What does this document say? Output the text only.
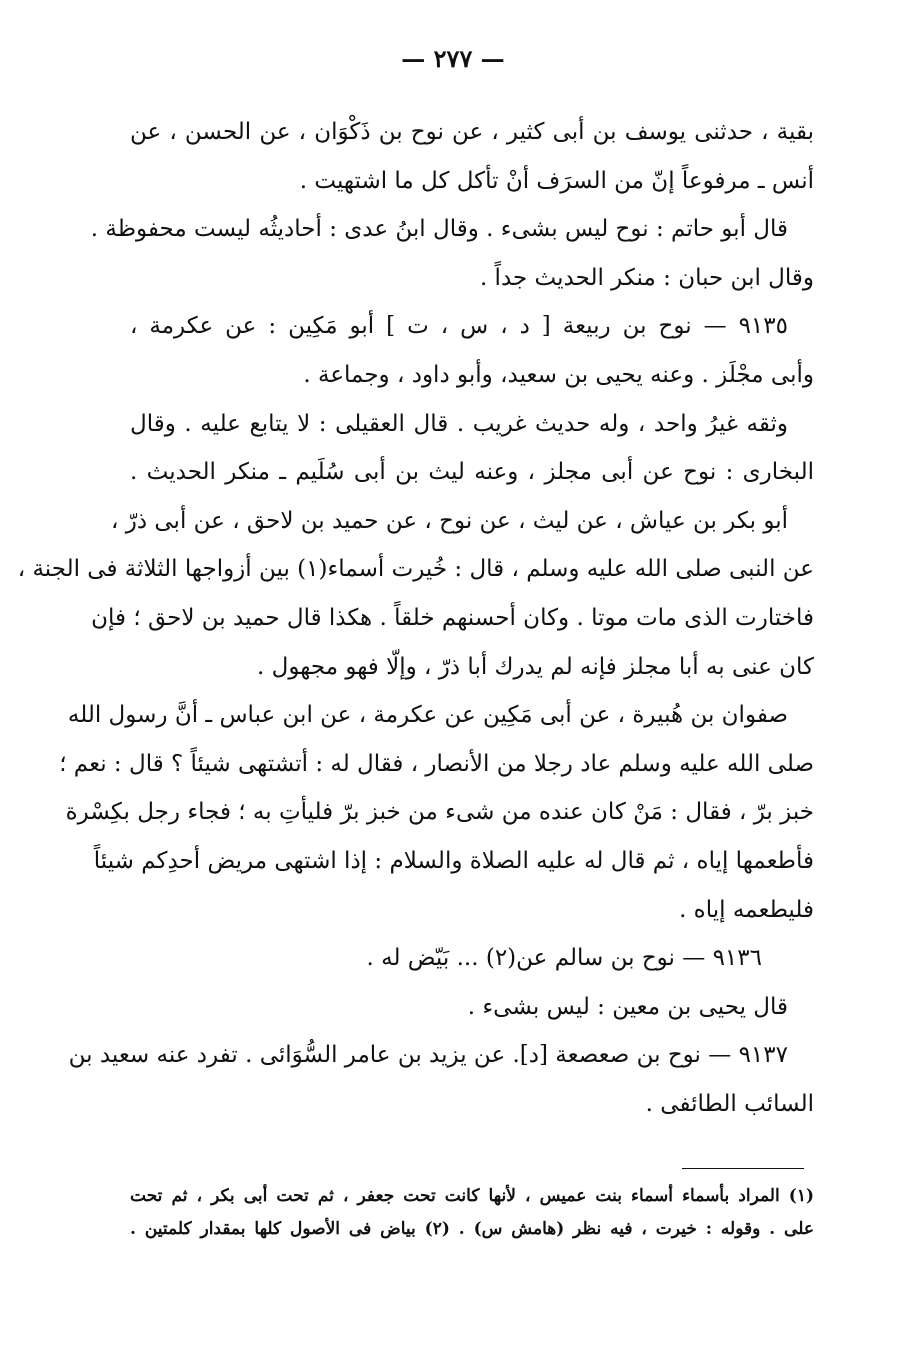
— ٢٧٧ —
بقية ، حدثنى يوسف بن أبى كثير ، عن نوح بن ذَكْوَان ، عن الحسن ، عن
أنس ـ مرفوعاً إنّ من السرَف أنْ تأكل كل ما اشتهيت .
قال أبو حاتم : نوح ليس بشىء . وقال ابنُ عدى : أحاديثُه ليست محفوظة .
وقال ابن حبان : منكر الحديث جداً .
٩١٣٥ — نوح بن ربيعة [ د ، س ، ت ] أبو مَكِين : عن عكرمة ،
وأبى مجْلَز . وعنه يحيى بن سعيد، وأبو داود ، وجماعة .
وثقه غيرُ واحد ، وله حديث غريب . قال العقيلى : لا يتابع عليه . وقال
البخارى : نوح عن أبى مجلز ، وعنه ليث بن أبى سُلَيم ـ منكر الحديث .
أبو بكر بن عياش ، عن ليث ، عن نوح ، عن حميد بن لاحق ، عن أبى ذرّ ،
عن النبى صلى الله عليه وسلم ، قال : خُيرت أسماء(١) بين أزواجها الثلاثة فى الجنة ،
فاختارت الذى مات موتا . وكان أحسنهم خلقاً . هكذا قال حميد بن لاحق ؛ فإن
كان عنى به أبا مجلز فإنه لم يدرك أبا ذرّ ، وإلّا فهو مجهول .
صفوان بن هُبيرة ، عن أبى مَكِين عن عكرمة ، عن ابن عباس ـ أنَّ رسول الله
صلى الله عليه وسلم عاد رجلا من الأنصار ، فقال له : أتشتهى شيئاً ؟ قال : نعم ؛
خبز برّ ، فقال : مَنْ كان عنده من شىء من خبز برّ فليأتِ به ؛ فجاء رجل بكِسْرة
فأطعمها إياه ، ثم قال له عليه الصلاة والسلام : إذا اشتهى مريض أحدِكم شيئاً
فليطعمه إياه .
٩١٣٦ — نوح بن سالم عن(٢) ... بَيّض له .
قال يحيى بن معين : ليس بشىء .
٩١٣٧ — نوح بن صعصعة [د]. عن يزيد بن عامر السُّوَائى . تفرد عنه سعيد بن
السائب الطائفى .
(١) المراد بأسماء أسماء بنت عميس ، لأنها كانت تحت جعفر ، ثم تحت أبى بكر ، ثم تحت
على . وقوله : خيرت ، فيه نظر (هامش س) . (٢) بياض فى الأصول كلها بمقدار كلمتين .
